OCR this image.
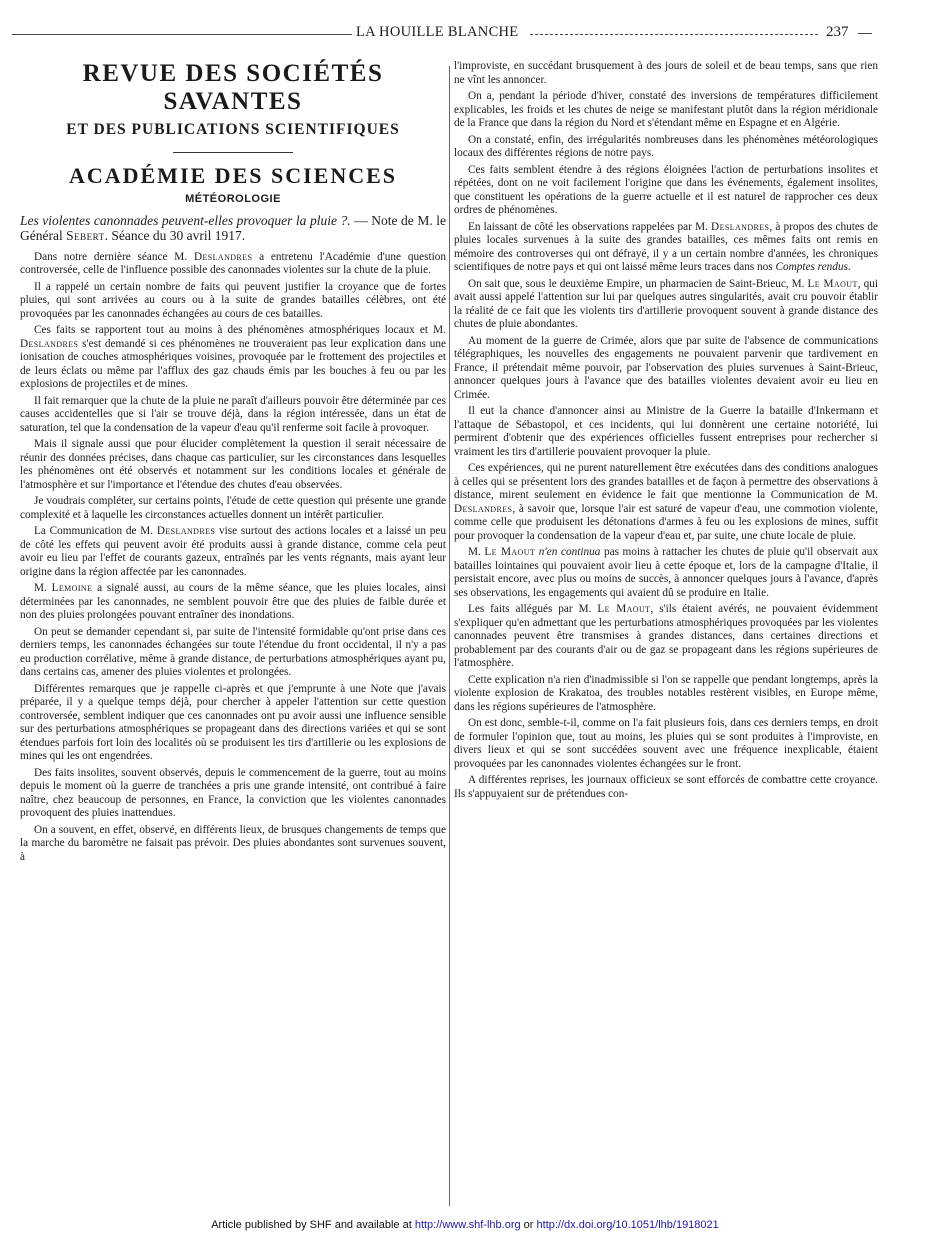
LA HOUILLE BLANCHE	237
REVUE DES SOCIÉTÉS SAVANTES
ET DES PUBLICATIONS SCIENTIFIQUES
ACADÉMIE DES SCIENCES
MÉTÉOROLOGIE
Les violentes canonnades peuvent-elles provoquer la pluie ?. — Note de M. le Général Sebert. Séance du 30 avril 1917.

Dans notre dernière séance M. Deslandres a entretenu l'Académie d'une question controversée, celle de l'influence possible des canonnades violentes sur la chute de la pluie.

Il a rappelé un certain nombre de faits qui peuvent justifier la croyance que de fortes pluies, qui sont arrivées au cours ou à la suite de grandes batailles célèbres, ont été provoquées par les canonnades échangées au cours de ces batailles.

Ces faits se rapportent tout au moins à des phénomènes atmosphériques locaux et M. Deslandres s'est demandé si ces phénomènes ne trouveraient pas leur explication dans une ionisation de couches atmosphériques voisines, provoquée par le frottement des projectiles et de leurs éclats ou même par l'afflux des gaz chauds émis par les bouches à feu ou par les explosions de projectiles et de mines.

Il fait remarquer que la chute de la pluie ne paraît d'ailleurs pouvoir être déterminée par ces causes accidentelles que si l'air se trouve déjà, dans la région intéressée, dans un état de saturation, tel que la condensation de la vapeur d'eau qu'il renferme soit facile à provoquer.

Mais il signale aussi que pour élucider complètement la question il serait nécessaire de réunir des données précises, dans chaque cas particulier, sur les circonstances dans lesquelles les phénomènes ont été observés et notamment sur les conditions locales et générale de l'atmosphère et sur l'importance et l'étendue des chutes d'eau observées.

Je voudrais compléter, sur certains points, l'étude de cette question qui présente une grande complexité et à laquelle les circonstances actuelles donnent un intérêt particulier.

La Communication de M. Deslandres vise surtout des actions locales et a laissé un peu de côté les effets qui peuvent avoir été produits aussi à grande distance, comme cela peut avoir eu lieu par l'effet de courants gazeux, entraînés par les vents régnants, mais ayant leur origine dans la région affectée par les canonnades.

M. Lemoine a signalé aussi, au cours de la même séance, que les pluies locales, ainsi déterminées par les canonnades, ne semblent pouvoir être que des pluies de faible durée et non des pluies prolongées pouvant entraîner des inondations.

On peut se demander cependant si, par suite de l'intensité formidable qu'ont prise dans ces derniers temps, les canonnades échangées sur toute l'étendue du front occidental, il n'y a pas eu production corrélative, même à grande distance, de perturbations atmosphériques ayant pu, dans certains cas, amener des pluies violentes et prolongées.

Différentes remarques que je rappelle ci-après et que j'emprunte à une Note que j'avais préparée, il y a quelque temps déjà, pour chercher à appeler l'attention sur cette question controversée, semblent indiquer que ces canonnades ont pu avoir aussi une influence sensible sur des perturbations atmosphériques se propageant dans des directions variées et qui se sont étendues parfois fort loin des localités où se produisent les tirs d'artillerie ou les explosions de mines qui les ont engendrées.

Des faits insolites, souvent observés, depuis le commencement de la guerre, tout au moins depuis le moment où la guerre de tranchées a pris une grande intensité, ont contribué à faire naître, chez beaucoup de personnes, en France, la conviction que les violentes canonnades provoquent des pluies inattendues.

On a souvent, en effet, observé, en différents lieux, de brusques changements de temps que la marche du baromètre ne faisait pas prévoir. Des pluies abondantes sont survenues souvent, à

l'improviste, en succédant brusquement à des jours de soleil et de beau temps, sans que rien ne vînt les annoncer.

On a, pendant la période d'hiver, constaté des inversions de températures difficilement explicables, les froids et les chutes de neige se manifestant plutôt dans la région méridionale de la France que dans la région du Nord et s'étendant même en Espagne et en Algérie.

On a constaté, enfin, des irrégularités nombreuses dans les phénomènes météorologiques locaux des différentes régions de notre pays.

Ces faits semblent étendre à des régions éloignées l'action de perturbations insolites et répétées, dont on ne voit facilement l'origine que dans les événements, également insolites, que constituent les opérations de la guerre actuelle et il est naturel de rapprocher ces deux ordres de phénomènes.

En laissant de côté les observations rappelées par M. Deslandres, à propos des chutes de pluies locales survenues à la suite des grandes batailles, ces mêmes faits ont remis en mémoire des controverses qui ont défrayé, il y a un certain nombre d'années, les chroniques scientifiques de notre pays et qui ont laissé même leurs traces dans nos Comptes rendus.

On sait que, sous le deuxième Empire, un pharmacien de Saint-Brieuc, M. Le Maout, qui avait aussi appelé l'attention sur lui par quelques autres singularités, avait cru pouvoir établir la réalité de ce fait que les violents tirs d'artillerie provoquent souvent à grande distance des chutes de pluie abondantes.

Au moment de la guerre de Crimée, alors que par suite de l'absence de communications télégraphiques, les nouvelles des engagements ne pouvaient parvenir que tardivement en France, il prétendait même pouvoir, par l'observation des pluies survenues à Saint-Brieuc, annoncer quelques jours à l'avance que des batailles violentes devaient avoir eu lieu en Crimée.

Il eut la chance d'annoncer ainsi au Ministre de la Guerre la bataille d'Inkermann et l'attaque de Sébastopol, et ces incidents, qui lui donnèrent une certaine notoriété, lui permirent d'obtenir que des expériences officielles fussent entreprises pour rechercher si vraiment les tirs d'artillerie pouvaient provoquer la pluie.

Ces expériences, qui ne purent naturellement être exécutées dans des conditions analogues à celles qui se présentent lors des grandes batailles et de façon à permettre des observations à distance, mirent seulement en évidence le fait que mentionne la Communication de M. Deslandres, à savoir que, lorsque l'air est saturé de vapeur d'eau, une commotion violente, comme celle que produisent les détonations d'armes à feu ou les explosions de mines, suffit pour provoquer la condensation de la vapeur d'eau et, par suite, une chute locale de pluie.

M. Le Maout n'en continua pas moins à rattacher les chutes de pluie qu'il observait aux batailles lointaines qui pouvaient avoir lieu à cette époque et, lors de la campagne d'Italie, il persistait encore, avec plus ou moins de succès, à annoncer quelques jours à l'avance, d'après ses observations, les engagements qui avaient dû se produire en Italie.

Les faits allégués par M. Le Maout, s'ils étaient avérés, ne pouvaient évidemment s'expliquer qu'en admettant que les perturbations atmosphériques provoquées par les violentes canonnades peuvent être transmises à grandes distances, dans certaines directions et probablement par des courants d'air ou de gaz se propageant dans les régions supérieures de l'atmosphère.

Cette explication n'a rien d'inadmissible si l'on se rappelle que pendant longtemps, après la violente explosion de Krakatoa, des troubles notables restèrent visibles, en Europe même, dans les régions supérieures de l'atmosphère.

On est donc, semble-t-il, comme on l'a fait plusieurs fois, dans ces derniers temps, en droit de formuler l'opinion que, tout au moins, les pluies qui se sont produites à l'improviste, en divers lieux et qui se sont succédées souvent avec une fréquence inexplicable, étaient provoquées par les canonnades violentes échangées sur le front.

A différentes reprises, les journaux officieux se sont efforcés de combattre cette croyance. Ils s'appuyaient sur de prétendues con-

Article published by SHF and available at http://www.shf-lhb.org or http://dx.doi.org/10.1051/lhb/1918021
